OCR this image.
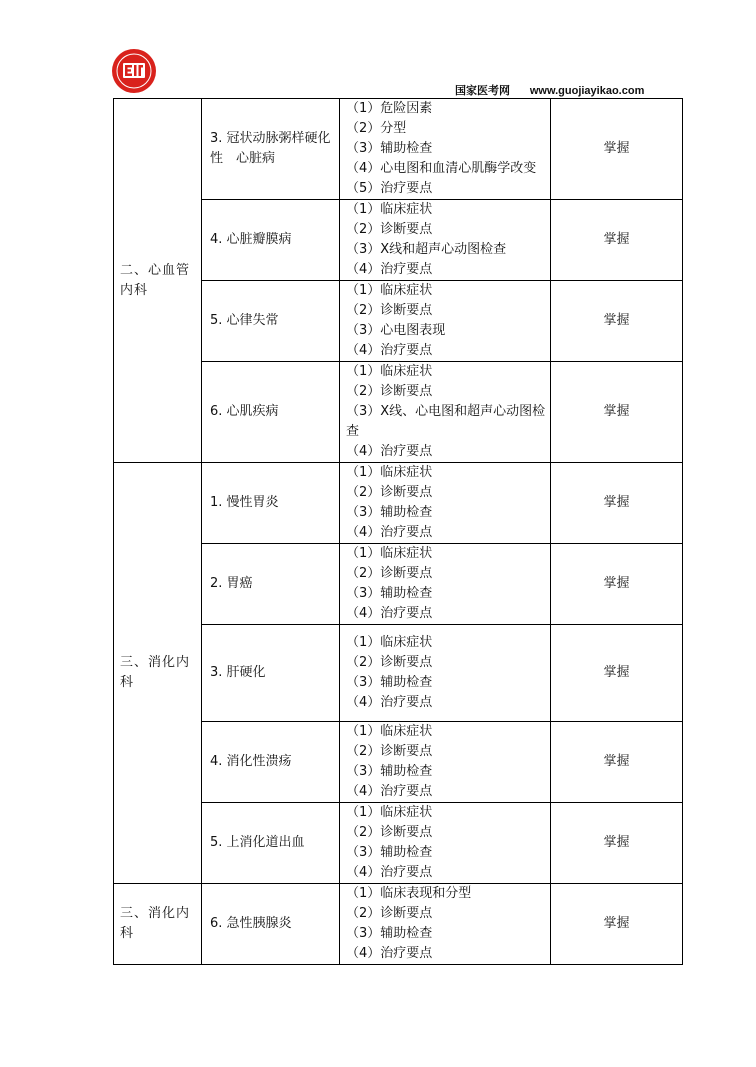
国家医考网 www.guojiayikao.com
二、心血管内科	3. 冠状动脉粥样硬化性　心脏病	（1）危险因素
（2）分型
（3）辅助检查
（4）心电图和血清心肌酶学改变
（5）治疗要点	掌握
	4. 心脏瓣膜病	（1）临床症状
（2）诊断要点
（3）X线和超声心动图检查
（4）治疗要点	掌握
	5. 心律失常	（1）临床症状
（2）诊断要点
（3）心电图表现
（4）治疗要点	掌握
	6. 心肌疾病	（1）临床症状
（2）诊断要点
（3）X线、心电图和超声心动图检查
（4）治疗要点	掌握

三、消化内科	1. 慢性胃炎	（1）临床症状
（2）诊断要点
（3）辅助检查
（4）治疗要点	掌握
	2. 胃癌	（1）临床症状
（2）诊断要点
（3）辅助检查
（4）治疗要点	掌握
	3. 肝硬化	（1）临床症状
（2）诊断要点
（3）辅助检查
（4）治疗要点	掌握
	4. 消化性溃疡	（1）临床症状
（2）诊断要点
（3）辅助检查
（4）治疗要点	掌握
	5. 上消化道出血	（1）临床症状
（2）诊断要点
（3）辅助检查
（4）治疗要点	掌握

三、消化内科	6. 急性胰腺炎	（1）临床表现和分型
（2）诊断要点
（3）辅助检查
（4）治疗要点	掌握
